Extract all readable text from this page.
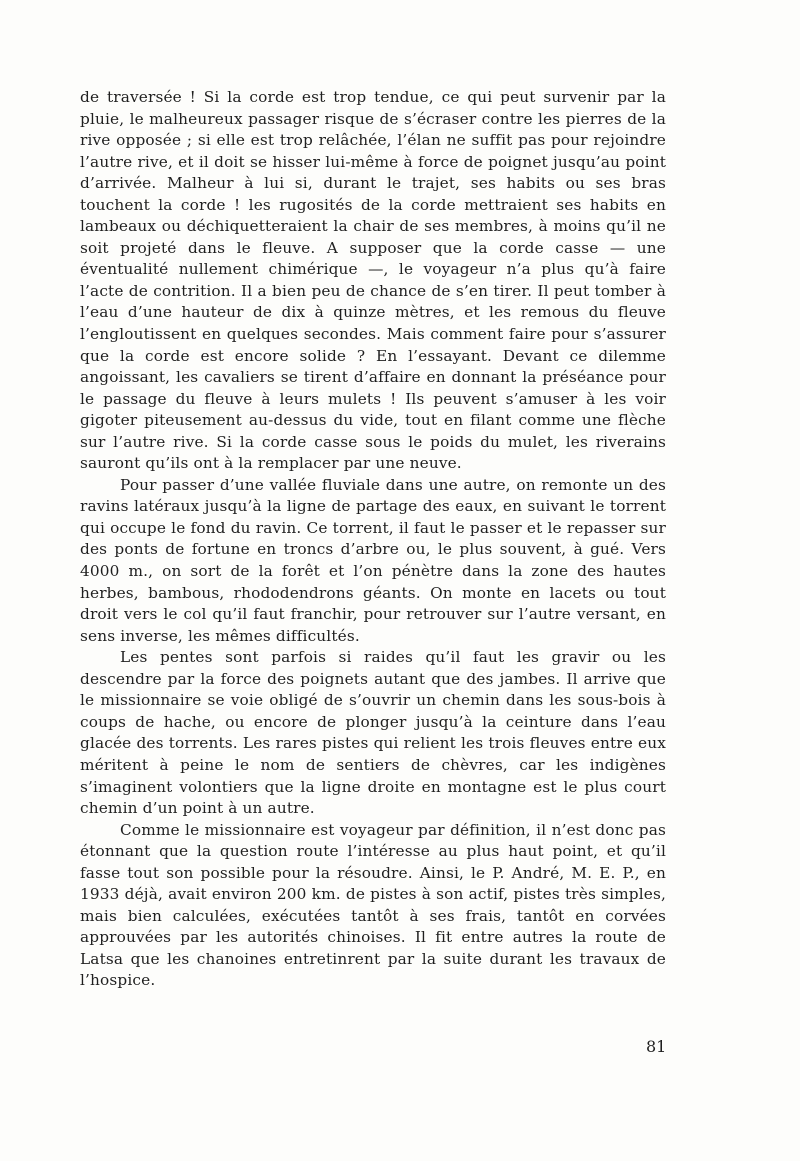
de traversée ! Si la corde est trop tendue, ce qui peut survenir par la pluie, le malheureux passager risque de s’écraser contre les pierres de la rive opposée ; si elle est trop relâchée, l’élan ne suffit pas pour rejoindre l’autre rive, et il doit se hisser lui-même à force de poignet jusqu’au point d’arrivée. Malheur à lui si, durant le trajet, ses habits ou ses bras touchent la corde ! les rugosités de la corde mettraient ses habits en lambeaux ou déchiquetteraient la chair de ses membres, à moins qu’il ne soit projeté dans le fleuve. A supposer que la corde casse — une éventualité nullement chimérique —, le voyageur n’a plus qu’à faire l’acte de contrition. Il a bien peu de chance de s’en tirer. Il peut tomber à l’eau d’une hauteur de dix à quinze mètres, et les remous du fleuve l’engloutissent en quelques secondes. Mais comment faire pour s’assurer que la corde est encore solide ? En l’essayant. Devant ce dilemme angoissant, les cavaliers se tirent d’affaire en donnant la préséance pour le passage du fleuve à leurs mulets ! Ils peuvent s’amuser à les voir gigoter piteusement au-dessus du vide, tout en filant comme une flèche sur l’autre rive. Si la corde casse sous le poids du mulet, les riverains sauront qu’ils ont à la remplacer par une neuve.

Pour passer d’une vallée fluviale dans une autre, on remonte un des ravins latéraux jusqu’à la ligne de partage des eaux, en suivant le torrent qui occupe le fond du ravin. Ce torrent, il faut le passer et le repasser sur des ponts de fortune en troncs d’arbre ou, le plus souvent, à gué. Vers 4000 m., on sort de la forêt et l’on pénètre dans la zone des hautes herbes, bambous, rhododendrons géants. On monte en lacets ou tout droit vers le col qu’il faut franchir, pour retrouver sur l’autre versant, en sens inverse, les mêmes difficultés.

Les pentes sont parfois si raides qu’il faut les gravir ou les descendre par la force des poignets autant que des jambes. Il arrive que le missionnaire se voie obligé de s’ouvrir un chemin dans les sous-bois à coups de hache, ou encore de plonger jusqu’à la ceinture dans l’eau glacée des torrents. Les rares pistes qui relient les trois fleuves entre eux méritent à peine le nom de sentiers de chèvres, car les indigènes s’imaginent volontiers que la ligne droite en montagne est le plus court chemin d’un point à un autre.

Comme le missionnaire est voyageur par définition, il n’est donc pas étonnant que la question route l’intéresse au plus haut point, et qu’il fasse tout son possible pour la résoudre. Ainsi, le P. André, M. E. P., en 1933 déjà, avait environ 200 km. de pistes à son actif, pistes très simples, mais bien calculées, exécutées tantôt à ses frais, tantôt en corvées approuvées par les autorités chinoises. Il fit entre autres la route de Latsa que les chanoines entretinrent par la suite durant les travaux de l’hospice.

81
